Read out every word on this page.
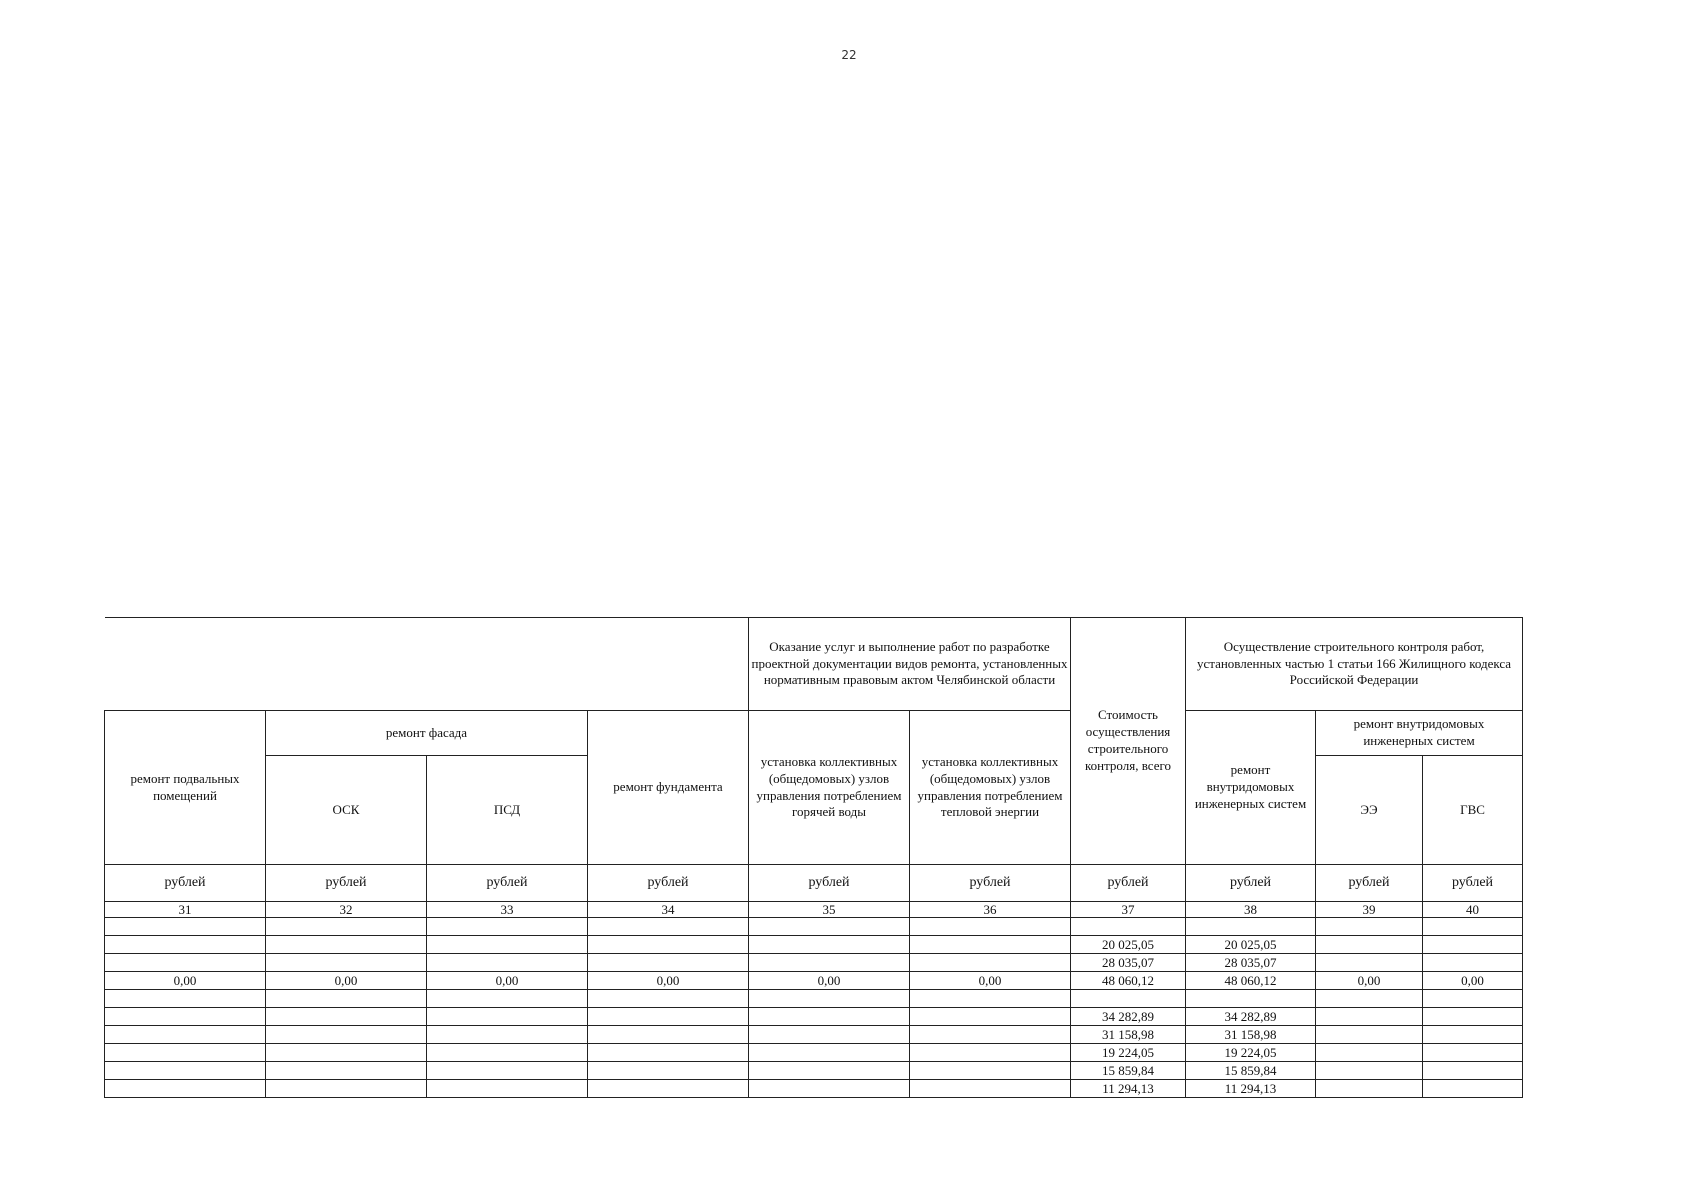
22
				Оказание услуг и выполнение работ по разработке проектной документации видов ремонта, установленных нормативным правовым актом Челябинской области		Стоимость осуществления строительного контроля, всего	Осуществление строительного контроля работ, установленных частью 1 статьи 166 Жилищного кодекса Российской Федерации		
ремонт подвальных помещений	ремонт фасада		ремонт фундамента	установка коллективных (общедомовых) узлов управления потреблением горячей воды	установка коллективных (общедомовых) узлов управления потреблением тепловой энергии		ремонт внутридомовых инженерных систем	ремонт внутридомовых инженерных систем	
	ОСК	ПСД						ЭЭ	ГВС
рублей	рублей	рублей	рублей	рублей	рублей	рублей	рублей	рублей	рублей
31	32	33	34	35	36	37	38	39	40

						20 025,05	20 025,05		
						28 035,07	28 035,07		
0,00	0,00	0,00	0,00	0,00	0,00	48 060,12	48 060,12	0,00	0,00

						34 282,89	34 282,89		
						31 158,98	31 158,98		
						19 224,05	19 224,05		
						15 859,84	15 859,84		
						11 294,13	11 294,13		
